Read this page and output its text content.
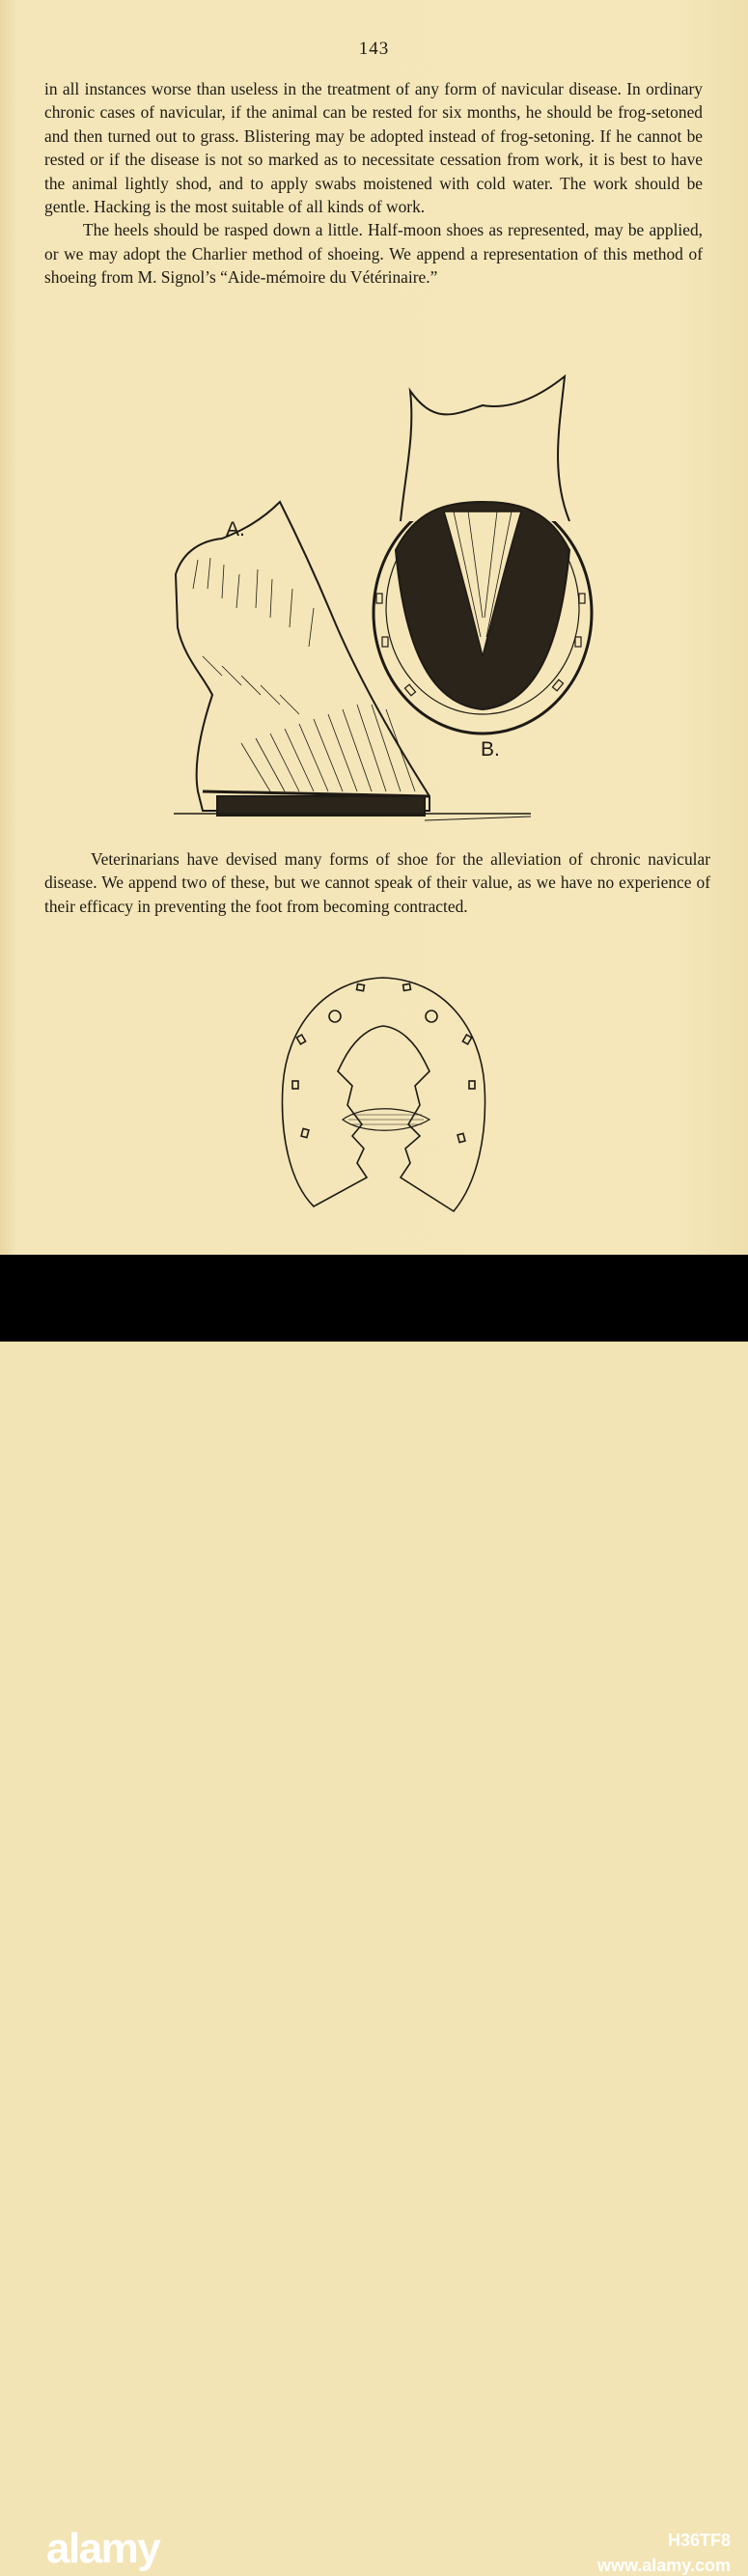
143

in all instances worse than useless in the treatment of any form of navicular disease. In ordinary chronic cases of navicular, if the animal can be rested for six months, he should be frog-setoned and then turned out to grass. Blistering may be adopted instead of frog-setoning. If he cannot be rested or if the disease is not so marked as to necessitate cessation from work, it is best to have the animal lightly shod, and to apply swabs moistened with cold water. The work should be gentle. Hacking is the most suitable of all kinds of work.

The heels should be rasped down a little. Half-moon shoes as represented, may be applied, or we may adopt the Charlier method of shoeing. We append a representation of this method of shoeing from M. Signol’s “Aide-mémoire du Vétérinaire.”

A.
B.

Veterinarians have devised many forms of shoe for the alleviation of chronic navicular disease. We append two of these, but we cannot speak of their value, as we have no experience of their efficacy in preventing the foot from becoming contracted.

alamy	H36TF8
www.alamy.com
